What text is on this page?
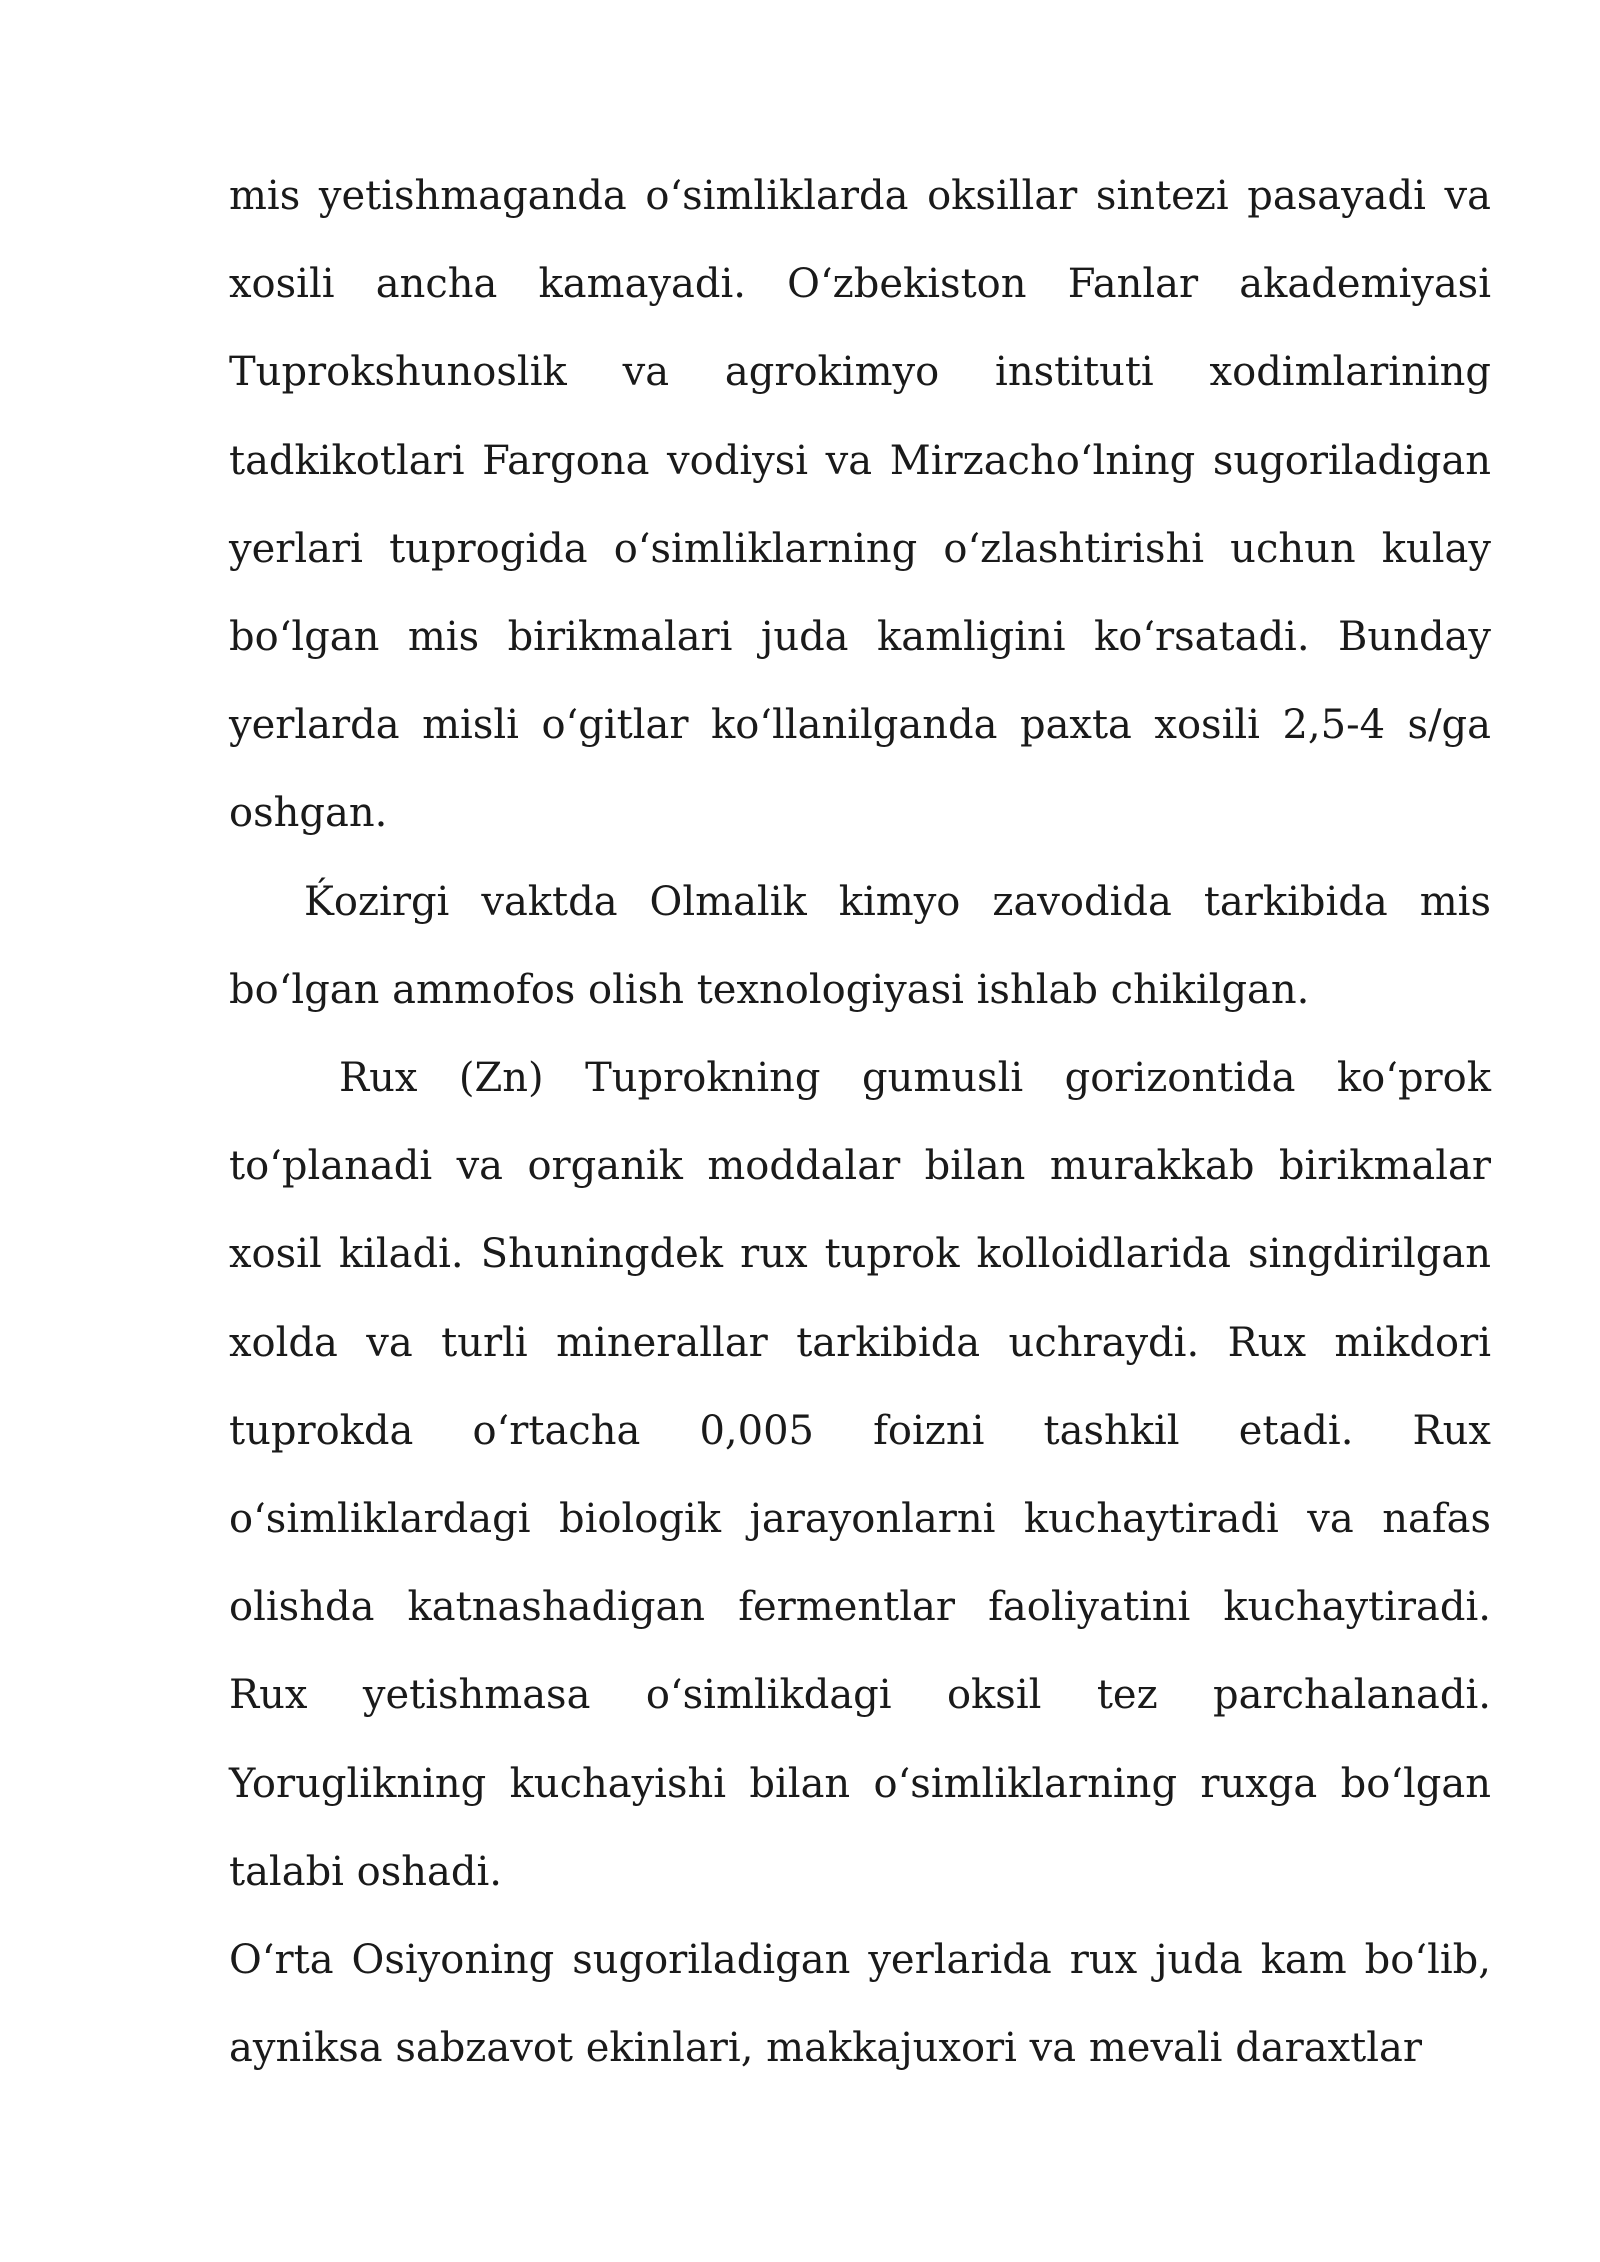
mis yetishmaganda oʻsimliklarda oksillar sintezi pasayadi va xosili ancha kamayadi. Oʻzbekiston Fanlar akademiyasi Tuprokshunoslik va agrokimyo instituti xodimlarining tadkikotlari Fargona vodiysi va Mirzachoʻlning sugoriladigan yerlari tuprogida oʻsimliklarning oʻzlashtirishi uchun kulay boʻlgan mis birikmalari juda kamligini koʻrsatadi. Bunday yerlarda misli oʻgitlar koʻllanilganda paxta xosili 2,5-4 s/ga oshgan.

Ḱozirgi vaktda Olmalik kimyo zavodida tarkibida mis boʻlgan ammofos olish texnologiyasi ishlab chikilgan.

Rux (Zn) Tuprokning gumusli gorizontida koʻprok toʻplanadi va organik moddalar bilan murakkab birikmalar xosil kiladi. Shuningdek rux tuprok kolloidlarida singdirilgan xolda va turli minerallar tarkibida uchraydi. Rux mikdori tuprokda oʻrtacha 0,005 foizni tashkil etadi. Rux oʻsimliklardagi biologik jarayonlarni kuchaytiradi va nafas olishda katnashadigan fermentlar faoliyatini kuchaytiradi. Rux yetishmasa oʻsimlikdagi oksil tez parchalanadi. Yoruglikning kuchayishi bilan oʻsimliklarning ruxga boʻlgan talabi oshadi.

Oʻrta Osiyoning sugoriladigan yerlarida rux juda kam boʻlib, ayniksa sabzavot ekinlari, makkajuxori va mevali daraxtlar
